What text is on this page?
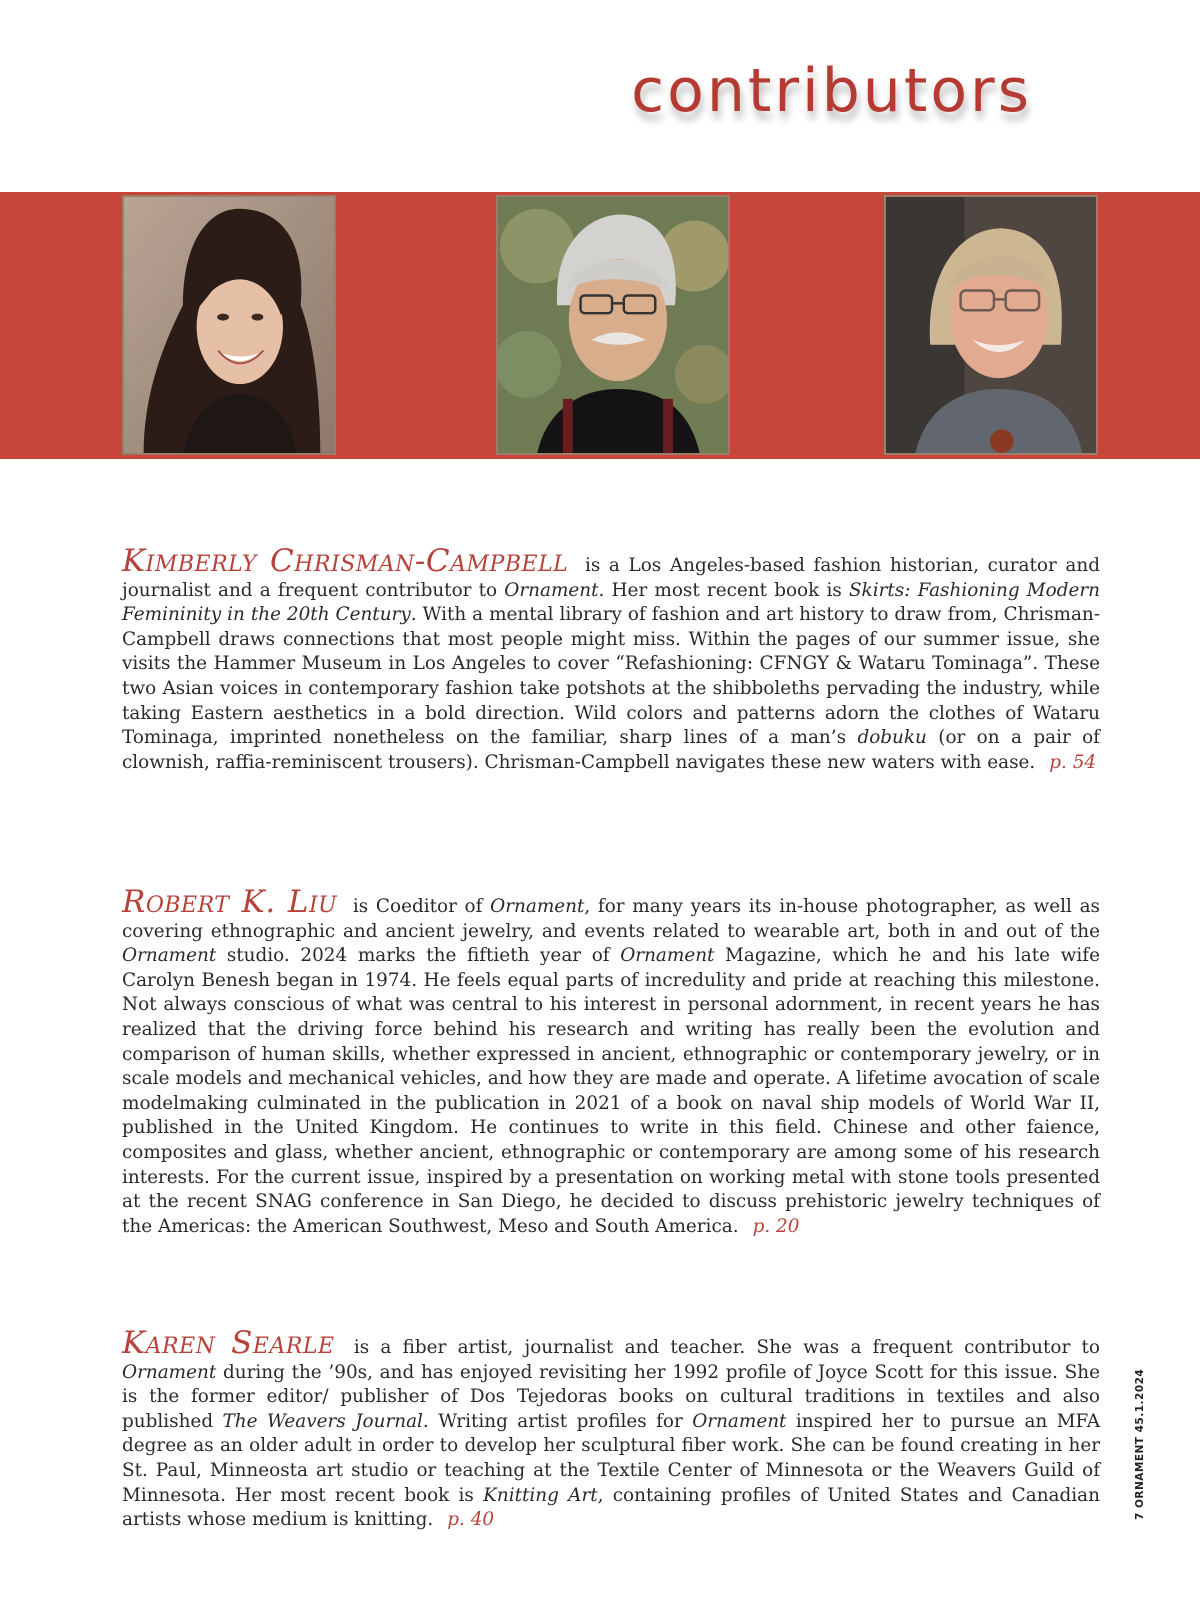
contributors

Kimberly Chrisman-Campbell is a Los Angeles-based fashion historian, curator and journalist and a frequent contributor to Ornament. Her most recent book is Skirts: Fashioning Modern Femininity in the 20th Century. With a mental library of fashion and art history to draw from, Chrisman-Campbell draws connections that most people might miss. Within the pages of our summer issue, she visits the Hammer Museum in Los Angeles to cover “Refashioning: CFNGY & Wataru Tominaga”. These two Asian voices in contemporary fashion take potshots at the shibboleths pervading the industry, while taking Eastern aesthetics in a bold direction. Wild colors and patterns adorn the clothes of Wataru Tominaga, imprinted nonetheless on the familiar, sharp lines of a man’s dobuku (or on a pair of clownish, raffia-reminiscent trousers). Chrisman-Campbell navigates these new waters with ease. p. 54

Robert K. Liu is Coeditor of Ornament, for many years its in-house photographer, as well as covering ethnographic and ancient jewelry, and events related to wearable art, both in and out of the Ornament studio. 2024 marks the fiftieth year of Ornament Magazine, which he and his late wife Carolyn Benesh began in 1974. He feels equal parts of incredulity and pride at reaching this milestone. Not always conscious of what was central to his interest in personal adornment, in recent years he has realized that the driving force behind his research and writing has really been the evolution and comparison of human skills, whether expressed in ancient, ethnographic or contemporary jewelry, or in scale models and mechanical vehicles, and how they are made and operate. A lifetime avocation of scale modelmaking culminated in the publication in 2021 of a book on naval ship models of World War II, published in the United Kingdom. He continues to write in this field. Chinese and other faience, composites and glass, whether ancient, ethnographic or contemporary are among some of his research interests. For the current issue, inspired by a presentation on working metal with stone tools presented at the recent SNAG conference in San Diego, he decided to discuss prehistoric jewelry techniques of the Americas: the American Southwest, Meso and South America. p. 20

Karen Searle is a fiber artist, journalist and teacher. She was a frequent contributor to Ornament during the ’90s, and has enjoyed revisiting her 1992 profile of Joyce Scott for this issue. She is the former editor/ publisher of Dos Tejedoras books on cultural traditions in textiles and also published The Weavers Journal. Writing artist profiles for Ornament inspired her to pursue an MFA degree as an older adult in order to develop her sculptural fiber work. She can be found creating in her St. Paul, Minneosta art studio or teaching at the Textile Center of Minnesota or the Weavers Guild of Minnesota. Her most recent book is Knitting Art, containing profiles of United States and Canadian artists whose medium is knitting. p. 40	7 ORNAMENT 45.1.2024
